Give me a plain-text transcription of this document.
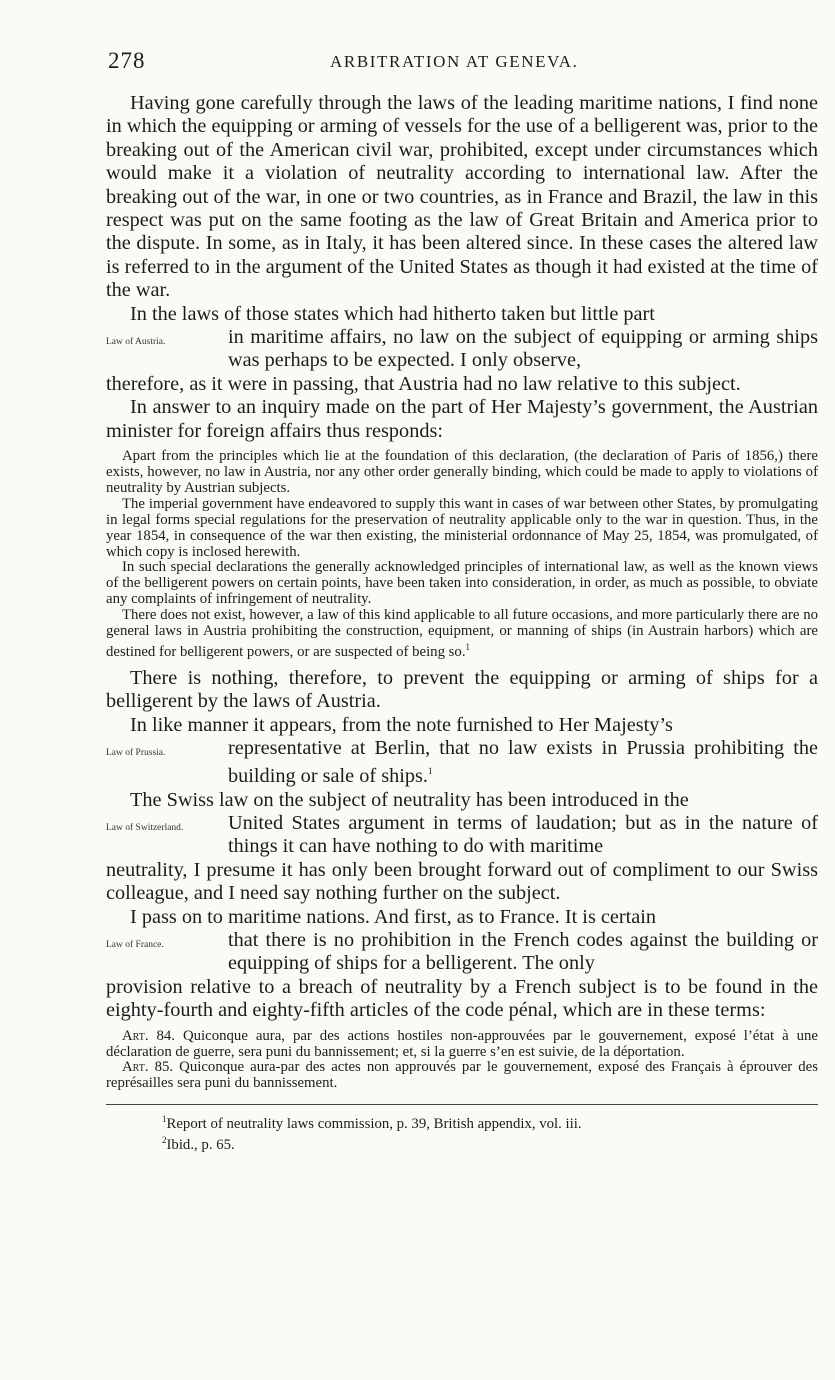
278	ARBITRATION AT GENEVA.

Having gone carefully through the laws of the leading maritime nations, I find none in which the equipping or arming of vessels for the use of a belligerent was, prior to the breaking out of the American civil war, prohibited, except under circumstances which would make it a violation of neutrality according to international law. After the breaking out of the war, in one or two countries, as in France and Brazil, the law in this respect was put on the same footing as the law of Great Britain and America prior to the dispute. In some, as in Italy, it has been altered since. In these cases the altered law is referred to in the argument of the United States as though it had existed at the time of the war.

Law of Austria.

In the laws of those states which had hitherto taken but little part

in maritime affairs, no law on the subject of equipping or arming ships was perhaps to be expected. I only observe,

therefore, as it were in passing, that Austria had no law relative to this subject.

In answer to an inquiry made on the part of Her Majesty’s government, the Austrian minister for foreign affairs thus responds:

Apart from the principles which lie at the foundation of this declaration, (the declaration of Paris of 1856,) there exists, however, no law in Austria, nor any other order generally binding, which could be made to apply to violations of neutrality by Austrian subjects.

The imperial government have endeavored to supply this want in cases of war between other States, by promulgating in legal forms special regulations for the preservation of neutrality applicable only to the war in question. Thus, in the year 1854, in consequence of the war then existing, the ministerial ordonnance of May 25, 1854, was promulgated, of which copy is inclosed herewith.

In such special declarations the generally acknowledged principles of international law, as well as the known views of the belligerent powers on certain points, have been taken into consideration, in order, as much as possible, to obviate any complaints of infringement of neutrality.

There does not exist, however, a law of this kind applicable to all future occasions, and more particularly there are no general laws in Austria prohibiting the construction, equipment, or manning of ships (in Austrain harbors) which are destined for belligerent powers, or are suspected of being so.$^1$

There is nothing, therefore, to prevent the equipping or arming of ships for a belligerent by the laws of Austria.

Law of Prussia.

In like manner it appears, from the note furnished to Her Majesty’s

representative at Berlin, that no law exists in Prussia prohibiting the building or sale of ships.$^1$

Law of Switzerland.

The Swiss law on the subject of neutrality has been introduced in the

United States argument in terms of laudation; but as in the nature of things it can have nothing to do with maritime

neutrality, I presume it has only been brought forward out of compliment to our Swiss colleague, and I need say nothing further on the subject.

Law of France.

I pass on to maritime nations. And first, as to France. It is certain

that there is no prohibition in the French codes against the building or equipping of ships for a belligerent. The only

provision relative to a breach of neutrality by a French subject is to be found in the eighty-fourth and eighty-fifth articles of the code pénal, which are in these terms:

Art. 84. Quiconque aura, par des actions hostiles non-approuvées par le gouvernement, exposé l’état à une déclaration de guerre, sera puni du bannissement; et, si la guerre s’en est suivie, de la déportation.

Art. 85. Quiconque aura-par des actes non approuvés par le gouvernement, exposé des Français à éprouver des représailles sera puni du bannissement.

$^1$Report of neutrality laws commission, p. 39, British appendix, vol. iii.

$^2$Ibid., p. 65.
